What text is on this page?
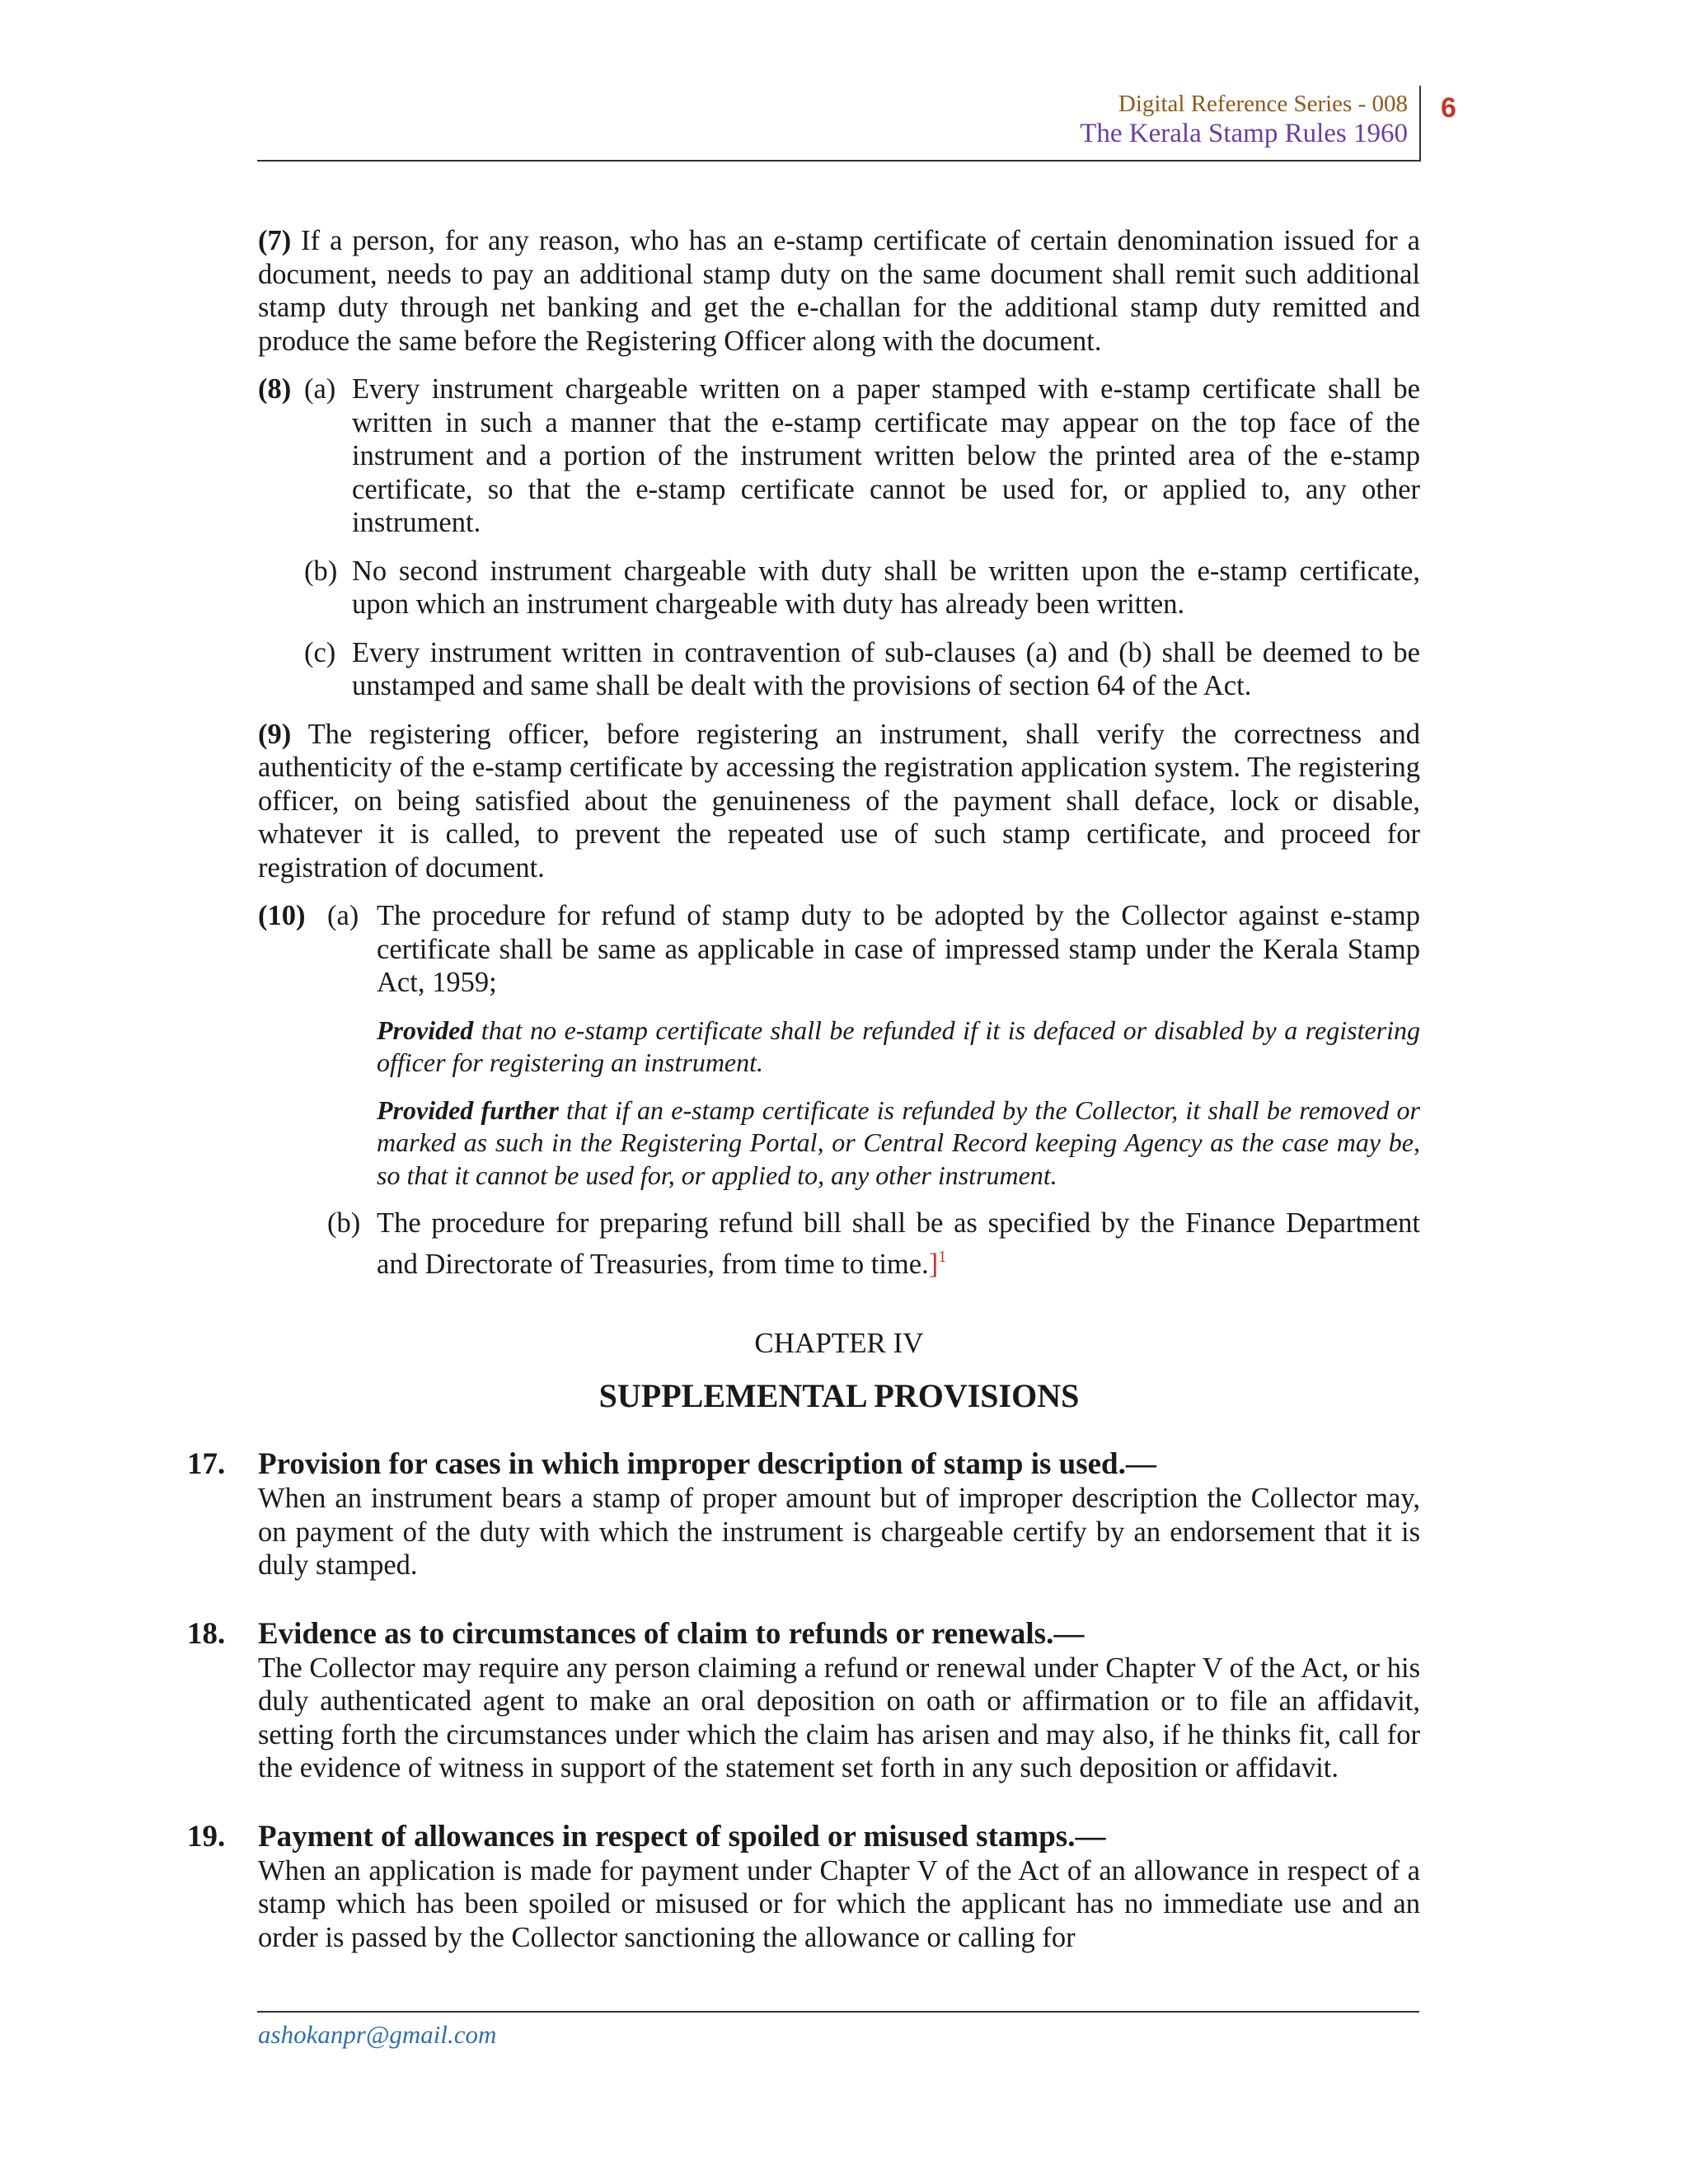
Digital Reference Series - 008
The Kerala Stamp Rules 1960
6

(7) If a person, for any reason, who has an e-stamp certificate of certain denomination issued for a document, needs to pay an additional stamp duty on the same document shall remit such additional stamp duty through net banking and get the e-challan for the additional stamp duty remitted and produce the same before the Registering Officer along with the document.

(8) (a) Every instrument chargeable written on a paper stamped with e-stamp certificate shall be written in such a manner that the e-stamp certificate may appear on the top face of the instrument and a portion of the instrument written below the printed area of the e-stamp certificate, so that the e-stamp certificate cannot be used for, or applied to, any other instrument.
(b) No second instrument chargeable with duty shall be written upon the e-stamp certificate, upon which an instrument chargeable with duty has already been written.
(c) Every instrument written in contravention of sub-clauses (a) and (b) shall be deemed to be unstamped and same shall be dealt with the provisions of section 64 of the Act.

(9) The registering officer, before registering an instrument, shall verify the correctness and authenticity of the e-stamp certificate by accessing the registration application system. The registering officer, on being satisfied about the genuineness of the payment shall deface, lock or disable, whatever it is called, to prevent the repeated use of such stamp certificate, and proceed for registration of document.

(10) (a) The procedure for refund of stamp duty to be adopted by the Collector against e-stamp certificate shall be same as applicable in case of impressed stamp under the Kerala Stamp Act, 1959;

Provided that no e-stamp certificate shall be refunded if it is defaced or disabled by a registering officer for registering an instrument.

Provided further that if an e-stamp certificate is refunded by the Collector, it shall be removed or marked as such in the Registering Portal, or Central Record keeping Agency as the case may be, so that it cannot be used for, or applied to, any other instrument.

(b) The procedure for preparing refund bill shall be as specified by the Finance Department and Directorate of Treasuries, from time to time.]$^1$
CHAPTER IV
SUPPLEMENTAL PROVISIONS
17. Provision for cases in which improper description of stamp is used.—

When an instrument bears a stamp of proper amount but of improper description the Collector may, on payment of the duty with which the instrument is chargeable certify by an endorsement that it is duly stamped.

18. Evidence as to circumstances of claim to refunds or renewals.—

The Collector may require any person claiming a refund or renewal under Chapter V of the Act, or his duly authenticated agent to make an oral deposition on oath or affirmation or to file an affidavit, setting forth the circumstances under which the claim has arisen and may also, if he thinks fit, call for the evidence of witness in support of the statement set forth in any such deposition or affidavit.

19. Payment of allowances in respect of spoiled or misused stamps.—

When an application is made for payment under Chapter V of the Act of an allowance in respect of a stamp which has been spoiled or misused or for which the applicant has no immediate use and an order is passed by the Collector sanctioning the allowance or calling for

ashokanpr@gmail.com
